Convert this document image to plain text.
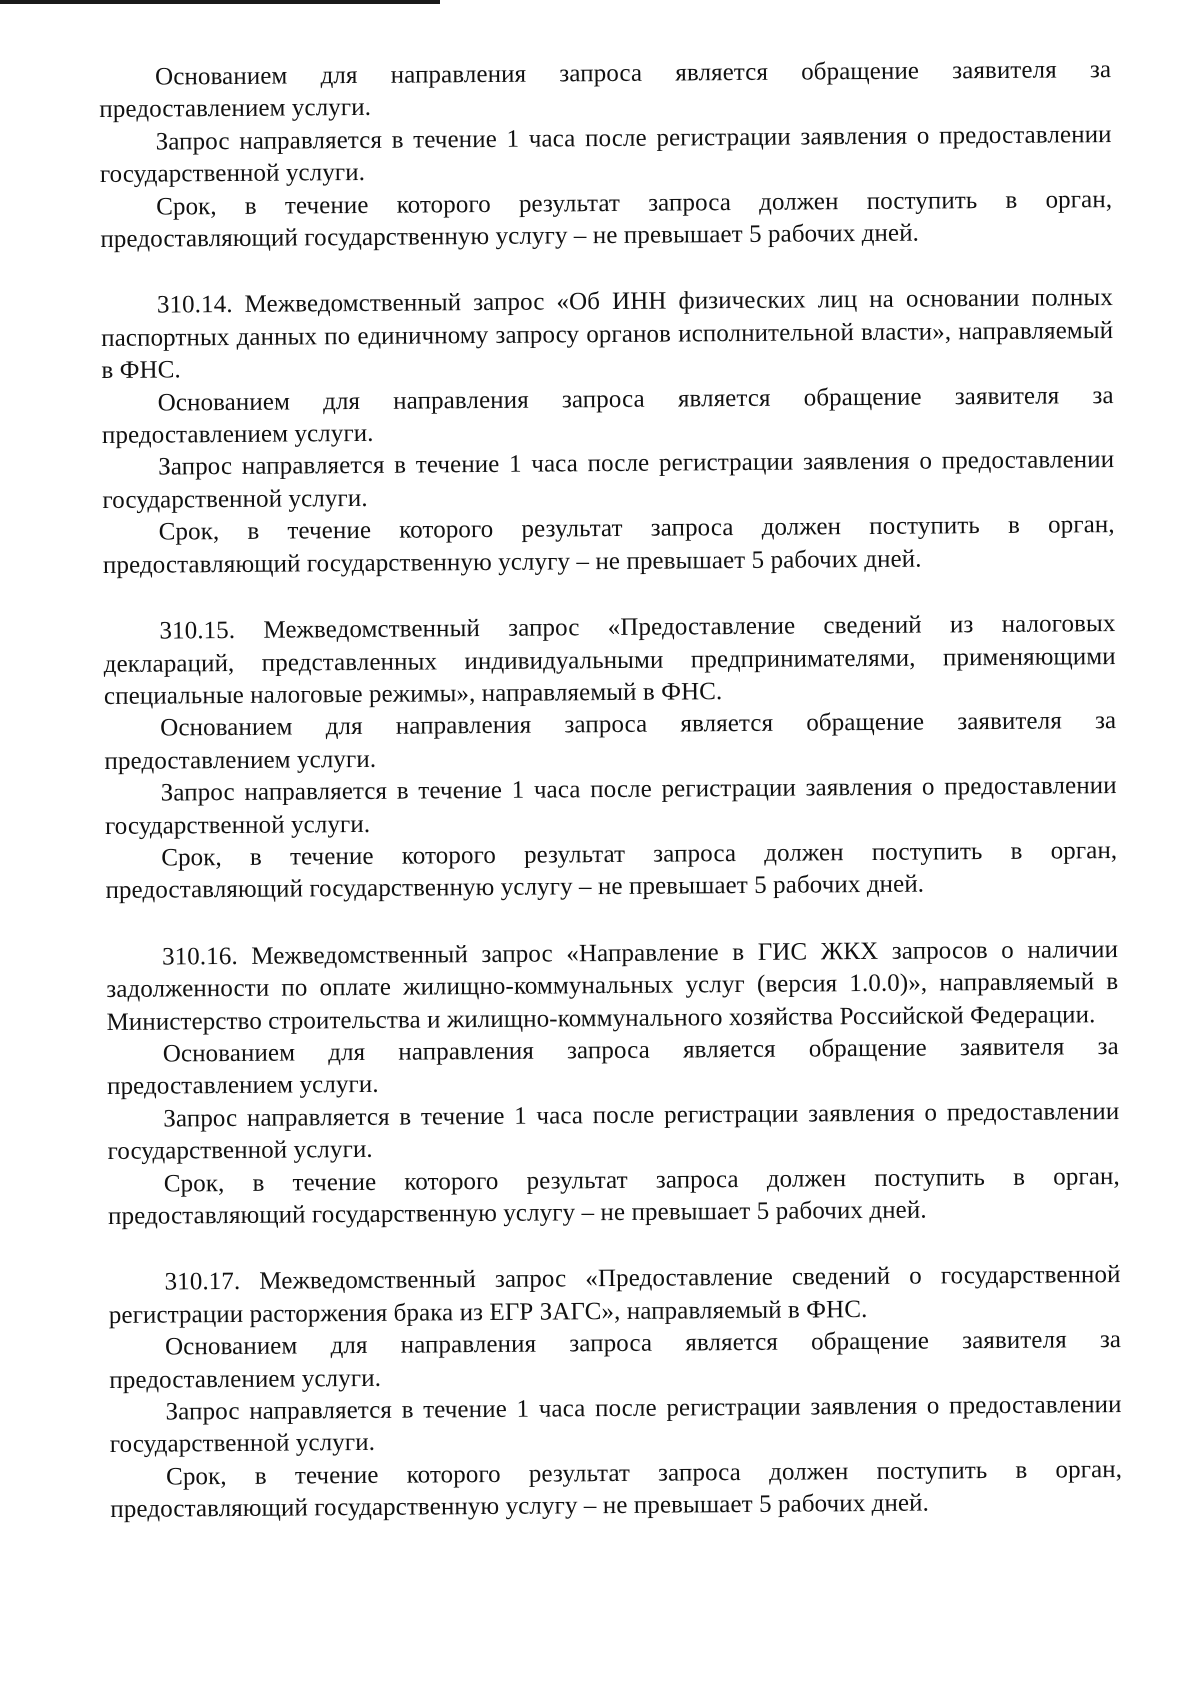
Основанием для направления запроса является обращение заявителя за предоставлением услуги.

Запрос направляется в течение 1 часа после регистрации заявления о предоставлении государственной услуги.

Срок, в течение которого результат запроса должен поступить в орган, предоставляющий государственную услугу – не превышает 5 рабочих дней.

310.14. Межведомственный запрос «Об ИНН физических лиц на основании полных паспортных данных по единичному запросу органов исполнительной власти», направляемый в ФНС.

Основанием для направления запроса является обращение заявителя за предоставлением услуги.

Запрос направляется в течение 1 часа после регистрации заявления о предоставлении государственной услуги.

Срок, в течение которого результат запроса должен поступить в орган, предоставляющий государственную услугу – не превышает 5 рабочих дней.

310.15. Межведомственный запрос «Предоставление сведений из налоговых деклараций, представленных индивидуальными предпринимателями, применяющими специальные налоговые режимы», направляемый в ФНС.

Основанием для направления запроса является обращение заявителя за предоставлением услуги.

Запрос направляется в течение 1 часа после регистрации заявления о предоставлении государственной услуги.

Срок, в течение которого результат запроса должен поступить в орган, предоставляющий государственную услугу – не превышает 5 рабочих дней.

310.16. Межведомственный запрос «Направление в ГИС ЖКХ запросов о наличии задолженности по оплате жилищно-коммунальных услуг (версия 1.0.0)», направляемый в Министерство строительства и жилищно-коммунального хозяйства Российской Федерации.

Основанием для направления запроса является обращение заявителя за предоставлением услуги.

Запрос направляется в течение 1 часа после регистрации заявления о предоставлении государственной услуги.

Срок, в течение которого результат запроса должен поступить в орган, предоставляющий государственную услугу – не превышает 5 рабочих дней.

310.17. Межведомственный запрос «Предоставление сведений о государственной регистрации расторжения брака из ЕГР ЗАГС», направляемый в ФНС.

Основанием для направления запроса является обращение заявителя за предоставлением услуги.

Запрос направляется в течение 1 часа после регистрации заявления о предоставлении государственной услуги.

Срок, в течение которого результат запроса должен поступить в орган, предоставляющий государственную услугу – не превышает 5 рабочих дней.
